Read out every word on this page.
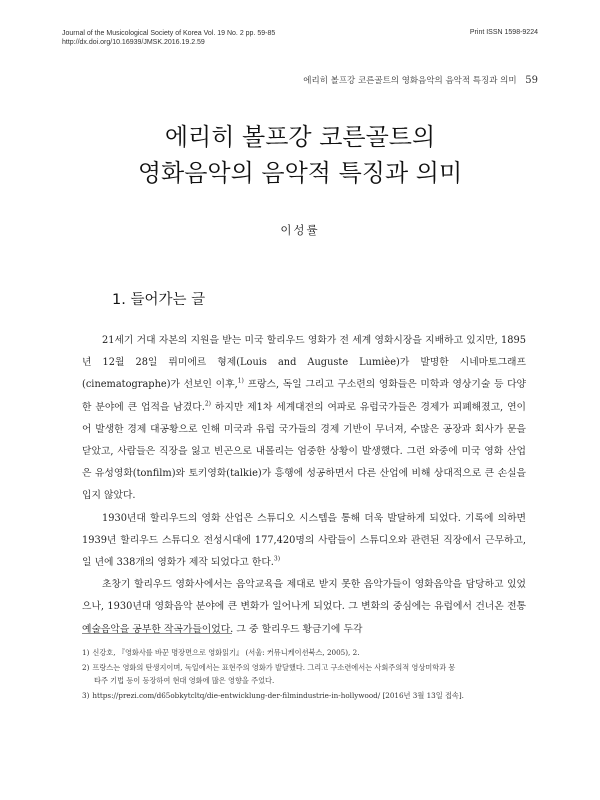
Journal of the Musicological Society of Korea Vol. 19 No. 2 pp. 59-85
http://dx.doi.org/10.16939/JMSK.2016.19.2.59
Print ISSN 1598-9224
에리히 볼프강 코른골트의 영화음악의 음악적 특징과 의미 59
에리히 볼프강 코른골트의
영화음악의 음악적 특징과 의미
이성률
1. 들어가는 글

21세기 거대 자본의 지원을 받는 미국 할리우드 영화가 전 세계 영화시장을 지배하고 있지만, 1895년 12월 28일 뤼미에르 형제(Louis and Auguste Lumièe)가 발명한 시네마토그래프(cinematographe)가 선보인 이후,$^{1)}$ 프랑스, 독일 그리고 구소련의 영화들은 미학과 영상기술 등 다양한 분야에 큰 업적을 남겼다.$^{2)}$ 하지만 제1차 세계대전의 여파로 유럽국가들은 경제가 피폐해졌고, 연이어 발생한 경제 대공황으로 인해 미국과 유럽 국가들의 경제 기반이 무너져, 수많은 공장과 회사가 문을 닫았고, 사람들은 직장을 잃고 빈곤으로 내몰리는 엄중한 상황이 발생했다. 그런 와중에 미국 영화 산업은 유성영화(tonfilm)와 토키영화(talkie)가 흥행에 성공하면서 다른 산업에 비해 상대적으로 큰 손실을 입지 않았다.

1930년대 할리우드의 영화 산업은 스튜디오 시스템을 통해 더욱 발달하게 되었다. 기록에 의하면 1939년 할리우드 스튜디오 전성시대에 177,420명의 사람들이 스튜디오와 관련된 직장에서 근무하고, 일 년에 338개의 영화가 제작 되었다고 한다.$^{3)}$

초창기 할리우드 영화사에서는 음악교육을 제대로 받지 못한 음악가들이 영화음악을 담당하고 있었으나, 1930년대 영화음악 분야에 큰 변화가 일어나게 되었다. 그 변화의 중심에는 유럽에서 건너온 전통 예술음악을 공부한 작곡가들이었다. 그 중 할리우드 황금기에 두각

1) 신강호, 『영화사를 바꾼 명장면으로 영화읽기』 (서울: 커뮤니케이션북스, 2005), 2.
2) 프랑스는 영화의 탄생지이며, 독일에서는 표현주의 영화가 발달했다. 그리고 구소련에서는 사회주의적 영상미학과 몽
타주 기법 등이 등장하여 현대 영화에 많은 영향을 주었다.
3) https://prezi.com/d65obkytcltq/die-entwicklung-der-filmindustrie-in-hollywood/ [2016년 3월 13일 접속].
